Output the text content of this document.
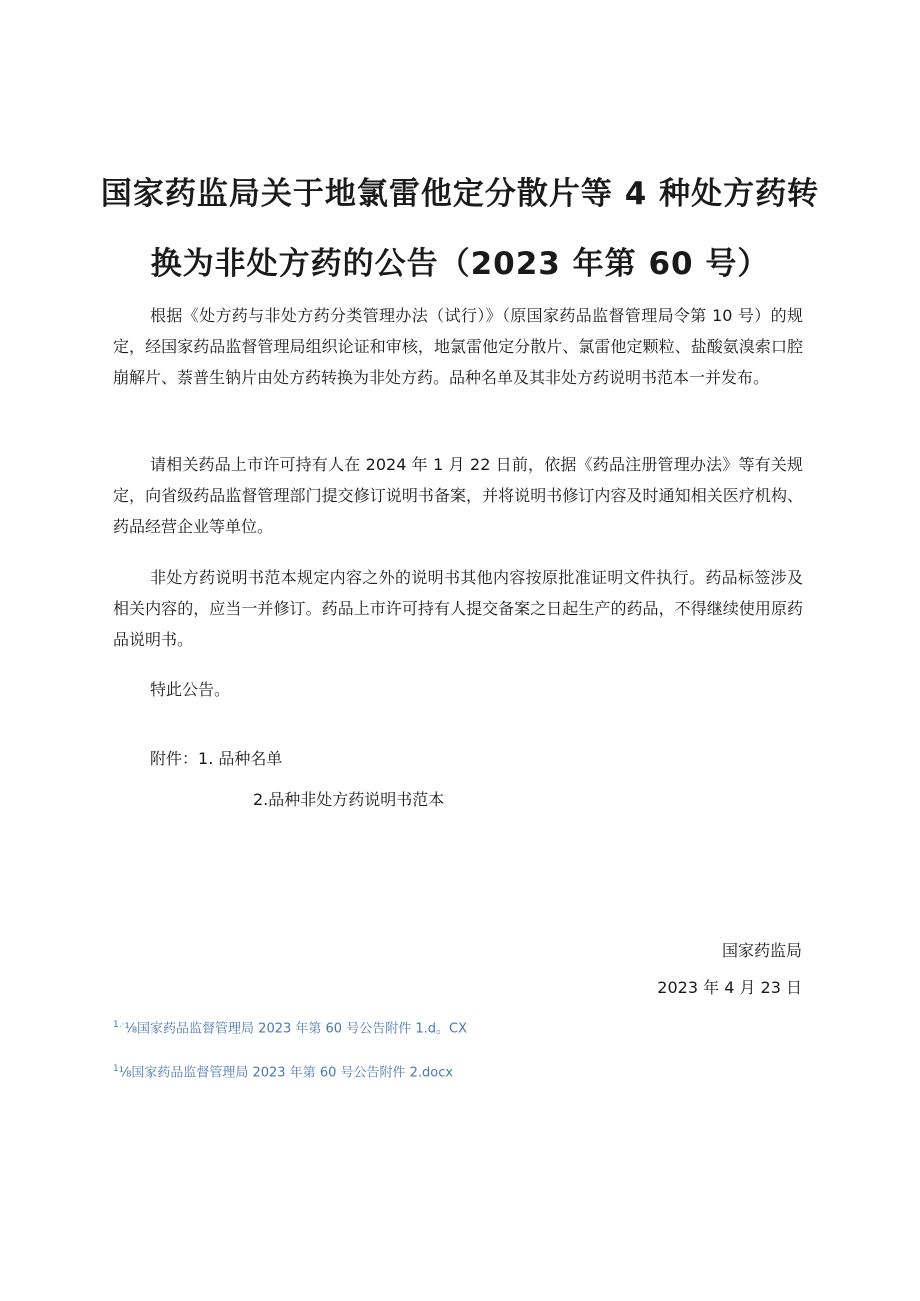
国家药监局关于地氯雷他定分散片等 4 种处方药转
换为非处方药的公告（2023 年第 60 号）

根据《处方药与非处方药分类管理办法（试行）》（原国家药品监督管理局令第 10 号）的规定，经国家药品监督管理局组织论证和审核，地氯雷他定分散片、氯雷他定颗粒、盐酸氨溴索口腔崩解片、萘普生钠片由处方药转换为非处方药。品种名单及其非处方药说明书范本一并发布。

请相关药品上市许可持有人在 2024 年 1 月 22 日前，依据《药品注册管理办法》等有关规定，向省级药品监督管理部门提交修订说明书备案，并将说明书修订内容及时通知相关医疗机构、药品经营企业等单位。

非处方药说明书范本规定内容之外的说明书其他内容按原批准证明文件执行。药品标签涉及相关内容的，应当一并修订。药品上市许可持有人提交备案之日起生产的药品，不得继续使用原药品说明书。

特此公告。

附件：1. 品种名单
2.品种非处方药说明书范本
国家药监局
2023 年 4 月 23 日
$^{1.\cdot}$⅛国家药品监督管理局 2023 年第 60 号公告附件 1.d。CX
$^1$⅛国家药品监督管理局 2023 年第 60 号公告附件 2.docx
